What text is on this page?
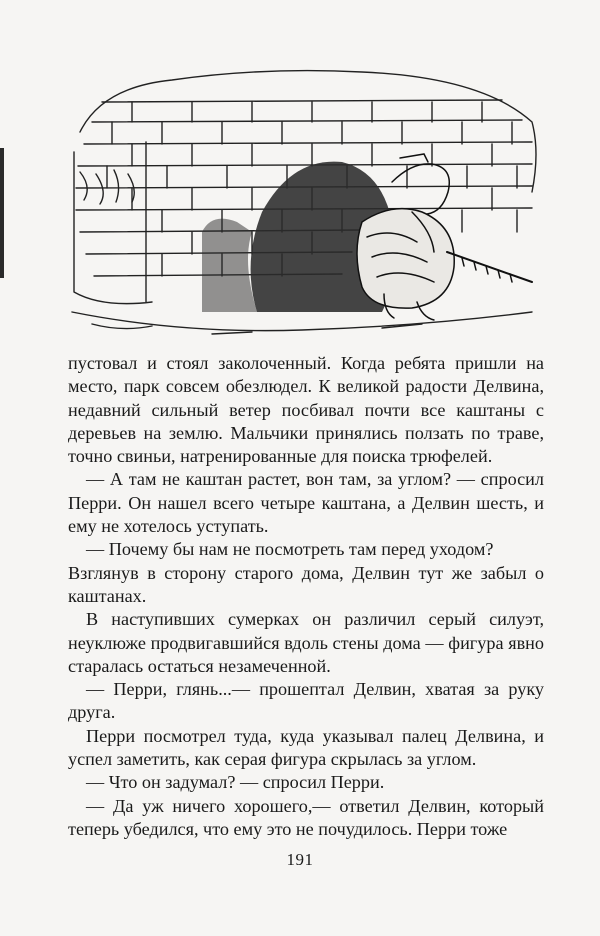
пустовал и стоял заколоченный. Когда ребята пришли на место, парк совсем обезлюдел. К великой радости Делвина, недавний сильный ветер посбивал почти все каштаны с деревьев на землю. Мальчики принялись ползать по траве, точно свиньи, натренированные для поиска трюфелей.

— А там не каштан растет, вон там, за углом? — спросил Перри. Он нашел всего четыре каштана, а Делвин шесть, и ему не хотелось уступать.

— Почему бы нам не посмотреть там перед уходом?

Взглянув в сторону старого дома, Делвин тут же забыл о каштанах.

В наступивших сумерках он различил серый силуэт, неуклюже продвигавшийся вдоль стены дома — фигура явно старалась остаться незамеченной.

— Перри, глянь...— прошептал Делвин, хватая за руку друга.

Перри посмотрел туда, куда указывал палец Делвина, и успел заметить, как серая фигура скрылась за углом.

— Что он задумал? — спросил Перри.

— Да уж ничего хорошего,— ответил Делвин, который теперь убедился, что ему это не почудилось. Перри тоже

191
